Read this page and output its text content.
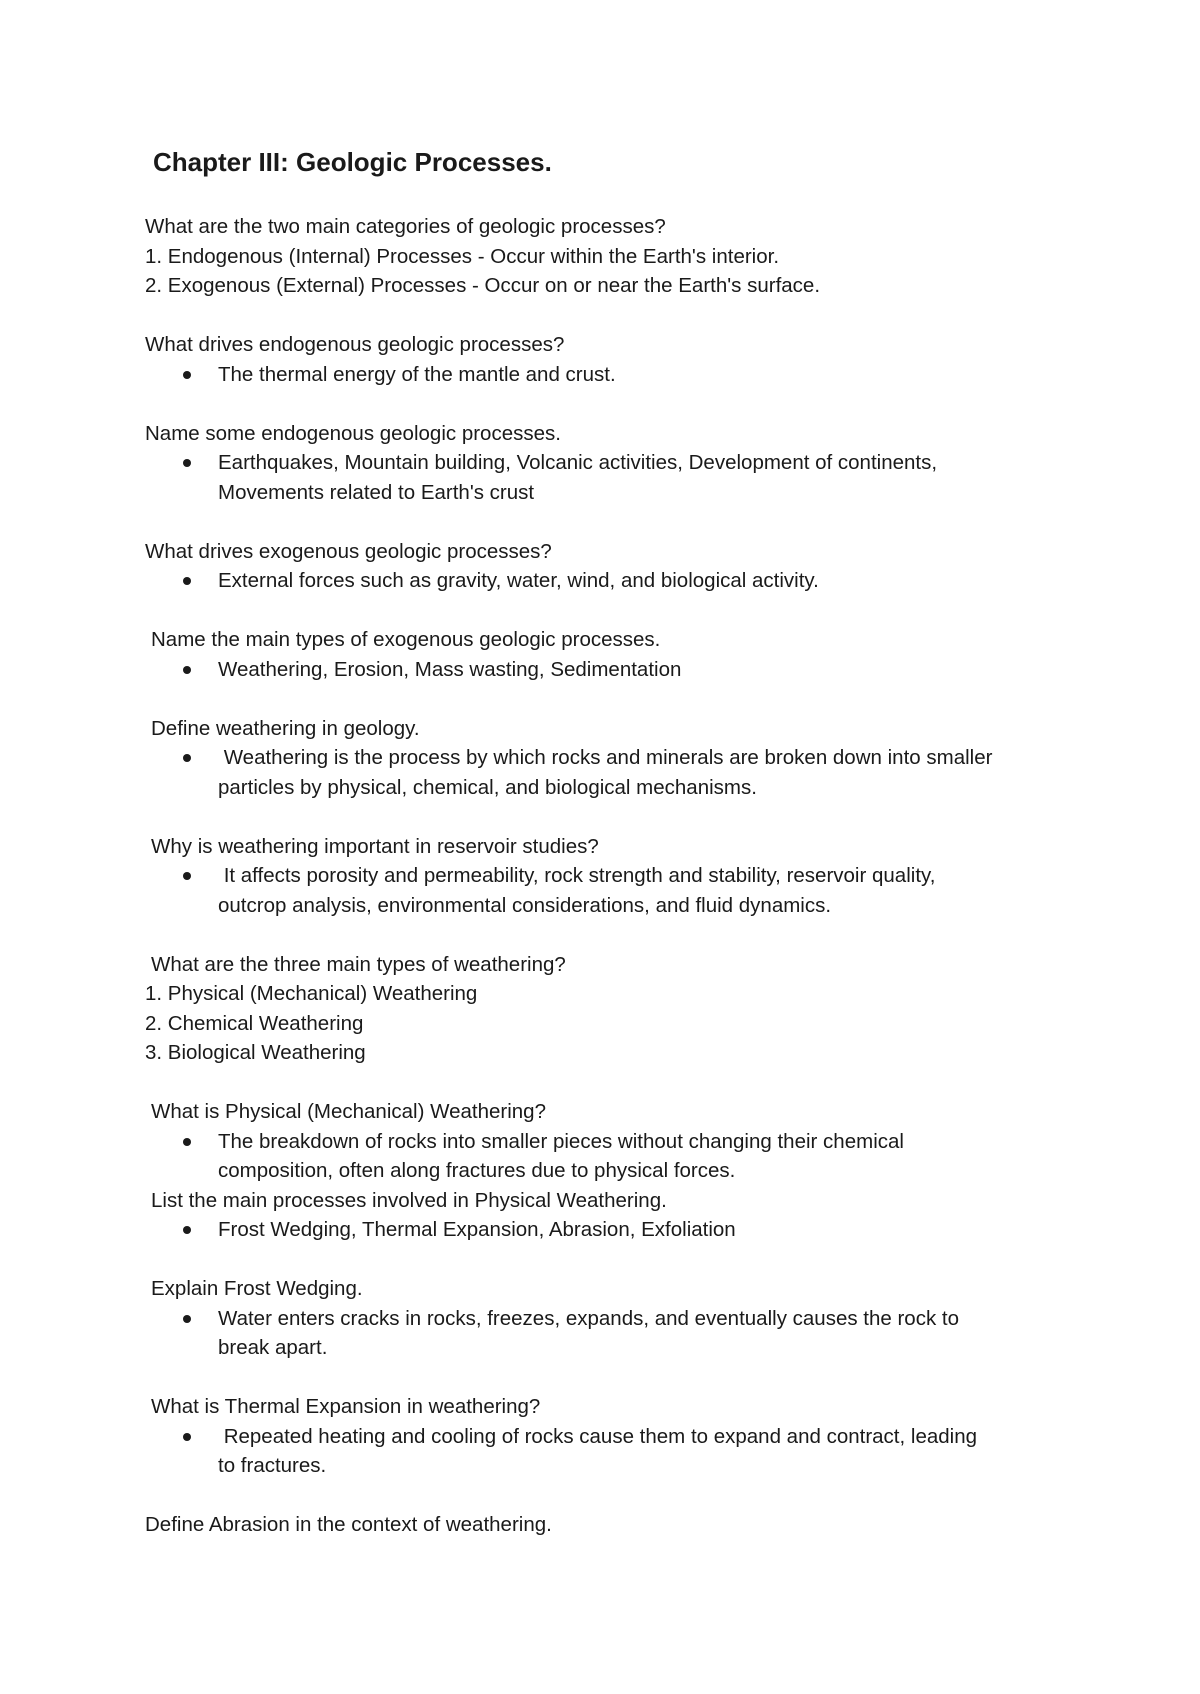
Chapter III: Geologic Processes.

What are the two main categories of geologic processes?

1. Endogenous (Internal) Processes - Occur within the Earth's interior.

2. Exogenous (External) Processes - Occur on or near the Earth's surface.

What drives endogenous geologic processes?

The thermal energy of the mantle and crust.

Name some endogenous geologic processes.

Earthquakes, Mountain building, Volcanic activities, Development of continents,
Movements related to Earth's crust

What drives exogenous geologic processes?

External forces such as gravity, water, wind, and biological activity.

Name the main types of exogenous geologic processes.

Weathering, Erosion, Mass wasting, Sedimentation

Define weathering in geology.

Weathering is the process by which rocks and minerals are broken down into smaller
particles by physical, chemical, and biological mechanisms.

Why is weathering important in reservoir studies?

It affects porosity and permeability, rock strength and stability, reservoir quality,
outcrop analysis, environmental considerations, and fluid dynamics.

What are the three main types of weathering?

1. Physical (Mechanical) Weathering

2. Chemical Weathering

3. Biological Weathering

What is Physical (Mechanical) Weathering?

The breakdown of rocks into smaller pieces without changing their chemical
composition, often along fractures due to physical forces.

List the main processes involved in Physical Weathering.

Frost Wedging, Thermal Expansion, Abrasion, Exfoliation

Explain Frost Wedging.

Water enters cracks in rocks, freezes, expands, and eventually causes the rock to
break apart.

What is Thermal Expansion in weathering?

Repeated heating and cooling of rocks cause them to expand and contract, leading
to fractures.

Define Abrasion in the context of weathering.
